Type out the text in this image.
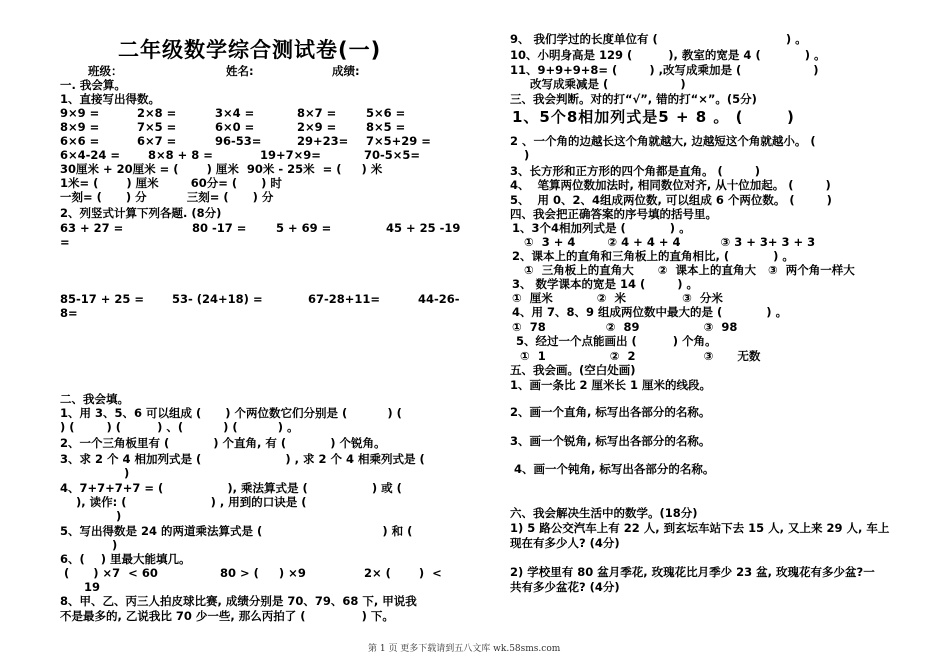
二年级数学综合测试卷(一)
班级：	姓名:	成绩:
一. 我会算。
1、直接写出得数。
9×9 =	2×8 =	3×4 =	8×7 =	5×6 =
8×9 =	7×5 =	6×0 =	2×9 =	8×5 =
6×6 =	6×7 =	96-53=	29+23= 7×5+29 =
6×4-24 = 8×8 + 8 =	19+7×9=	70-5×5=
30厘米 + 20厘米 = (       ) 厘米  90米 - 25米  = (     ) 米
1米= (       ) 厘米        60分= (      ) 时
一刻= (      ) 分          三刻= (      ) 分
2、列竖式计算下列各题. (8分)
63 + 27 =	80 -17 =	5 + 69 =	45 + 25 -19
=
85-17 + 25 = 53- (24+18) =	67-28+11=	44-26-
8=
二、我会填。
1、用 3、5、6 可以组成 (      ) 个两位数它们分别是 (          ) (
) (        ) (         ) 、(          ) (          ) 。
2、一个三角板里有 (           ) 个直角, 有 (           ) 个锐角。
3、求 2 个 4 相加列式是 (                     ) , 求 2 个 4 相乘列式是 (
)
4、7+7+7+7 = (                ), 乘法算式是 (                ) 或 (
), 读作: (                     ) , 用到的口诀是 (
)
5、写出得数是 24 的两道乘法算式是 (                              ) 和 (
)
6、(    ) 里最大能填几。
(      ) ×7  < 60	80 > (     ) ×9	2× (       )  <
19
8、甲、乙、丙三人拍皮球比赛, 成绩分别是 70、79、68 下, 甲说我
不是最多的, 乙说我比 70 少一些, 那么丙拍了 (              ) 下。
9、 我们学过的长度单位有 (                                ) 。
10、小明身高是 129 (         ), 教室的宽是 4 (           ) 。
11、9+9+9+8= (        ) ,改写成乘加是 (                  )
改写成乘减是 (                  )
三、我会判断。对的打“√”, 错的打“×”。(5分)
1、5个8相加列式是5 + 8 。 (       )
2 、一个角的边越长这个角就越大, 边越短这个角就越小。 (
)
3、长方形和正方形的四个角都是直角。 (        )
4、  笔算两位数加法时, 相同数位对齐, 从十位加起。 (        )
5、  用 0、2、4组成两位数, 可以组成 6 个两位数。 (        )
四、我会把正确答案的序号填的括号里。
1、3个4相加列式是 (           ) 。
①  3 + 4        ② 4 + 4 + 4          ③ 3 + 3+ 3 + 3
2、课本上的直角和三角板上的直角相比, (           ) 。
①  三角板上的直角大      ②  课本上的直角大   ③  两个角一样大
3、 数学课本的宽是 14 (        ) 。
①  厘米           ②  米              ③  分米
4、用 7、8、9 组成两位数中最大的是 (           ) 。
①  78               ②  89                ③  98
5、经过一个点能画出 (         ) 个角。
①  1                ②  2                 ③      无数
五、我会画。(空白处画)
1、画一条比 2 厘米长 1 厘米的线段。
2、画一个直角, 标写出各部分的名称。
3、画一个锐角, 标写出各部分的名称。
4、画一个钝角, 标写出各部分的名称。
六、我会解决生活中的数学。(18分)
1) 5 路公交汽车上有 22 人, 到玄坛车站下去 15 人, 又上来 29 人, 车上
现在有多少人? (4分)
2) 学校里有 80 盆月季花, 玫瑰花比月季少 23 盆, 玫瑰花有多少盆?一
共有多少盆花? (4分)
第 1 页 更多下载请到五八文库 wk.58sms.com
